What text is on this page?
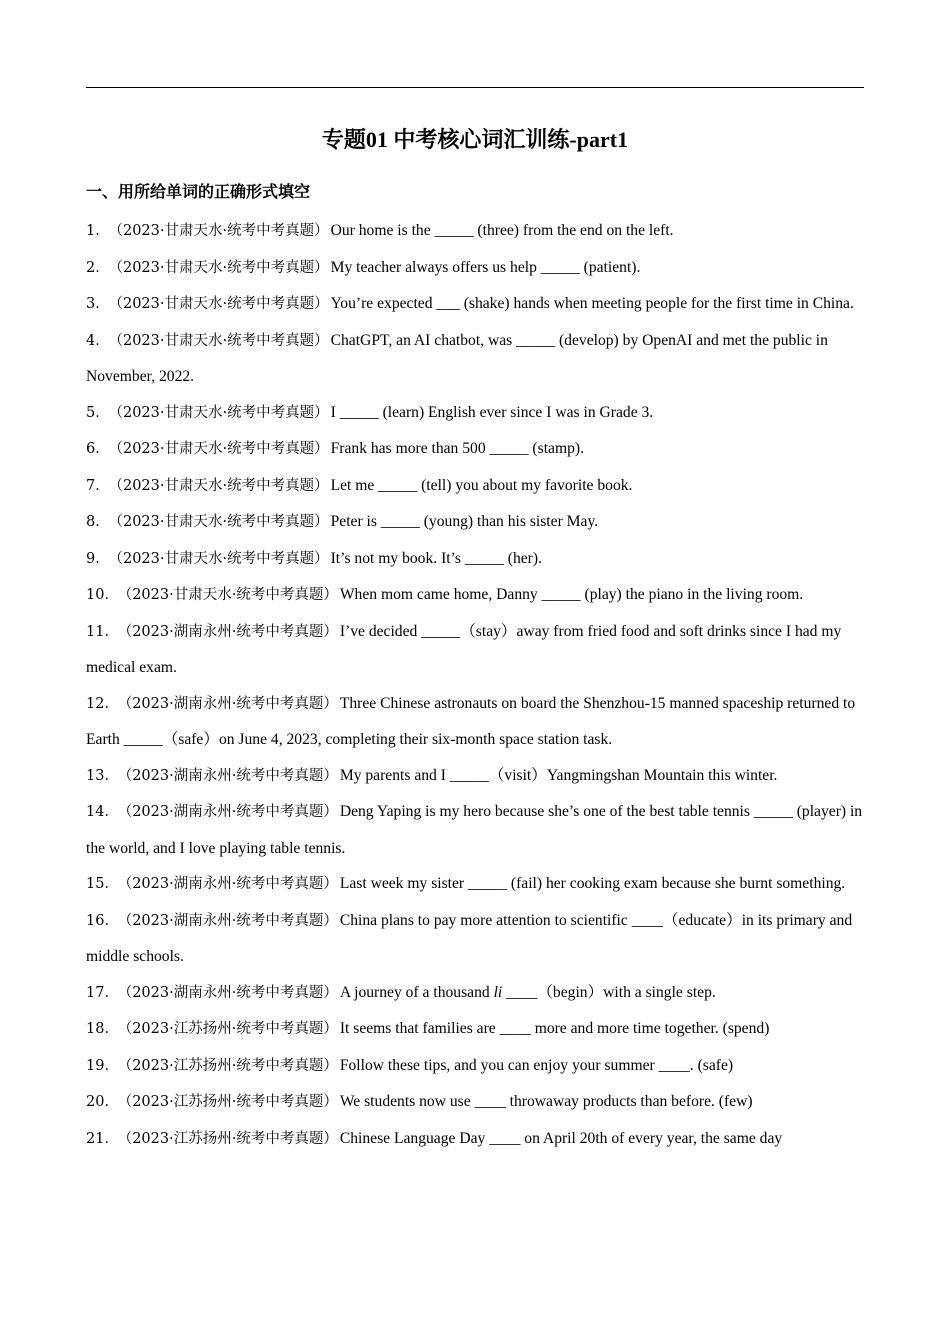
专题01 中考核心词汇训练-part1
一、用所给单词的正确形式填空

1． （2023·甘肃天水·统考中考真题） Our home is the _____ (three) from the end on the left.

2． （2023·甘肃天水·统考中考真题） My teacher always offers us help _____ (patient).

3． （2023·甘肃天水·统考中考真题） You’re expected ___ (shake) hands when meeting people for the first time in China.

4． （2023·甘肃天水·统考中考真题） ChatGPT, an AI chatbot, was _____ (develop) by OpenAI and met the public in November, 2022.

5． （2023·甘肃天水·统考中考真题） I _____ (learn) English ever since I was in Grade 3.

6． （2023·甘肃天水·统考中考真题） Frank has more than 500 _____ (stamp).

7． （2023·甘肃天水·统考中考真题） Let me _____ (tell) you about my favorite book.

8． （2023·甘肃天水·统考中考真题） Peter is _____ (young) than his sister May.

9． （2023·甘肃天水·统考中考真题） It’s not my book. It’s _____ (her).

10． （2023·甘肃天水·统考中考真题） When mom came home, Danny _____ (play) the piano in the living room.

11． （2023·湖南永州·统考中考真题） I’ve decided _____（stay）away from fried food and soft drinks since I had my medical exam.

12． （2023·湖南永州·统考中考真题） Three Chinese astronauts on board the Shenzhou-15 manned spaceship returned to Earth _____（safe）on June 4, 2023, completing their six-month space station task.

13． （2023·湖南永州·统考中考真题） My parents and I _____（visit）Yangmingshan Mountain this winter.

14． （2023·湖南永州·统考中考真题） Deng Yaping is my hero because she’s one of the best table tennis _____ (player) in the world, and I love playing table tennis.

15． （2023·湖南永州·统考中考真题） Last week my sister _____ (fail) her cooking exam because she burnt something.

16． （2023·湖南永州·统考中考真题） China plans to pay more attention to scientific ____（educate）in its primary and middle schools.

17． （2023·湖南永州·统考中考真题） A journey of a thousand li ____（begin）with a single step.

18． （2023·江苏扬州·统考中考真题） It seems that families are ____ more and more time together. (spend)

19． （2023·江苏扬州·统考中考真题） Follow these tips, and you can enjoy your summer ____. (safe)

20． （2023·江苏扬州·统考中考真题） We students now use ____ throwaway products than before. (few)

21． （2023·江苏扬州·统考中考真题） Chinese Language Day ____ on April 20th of every year, the same day
